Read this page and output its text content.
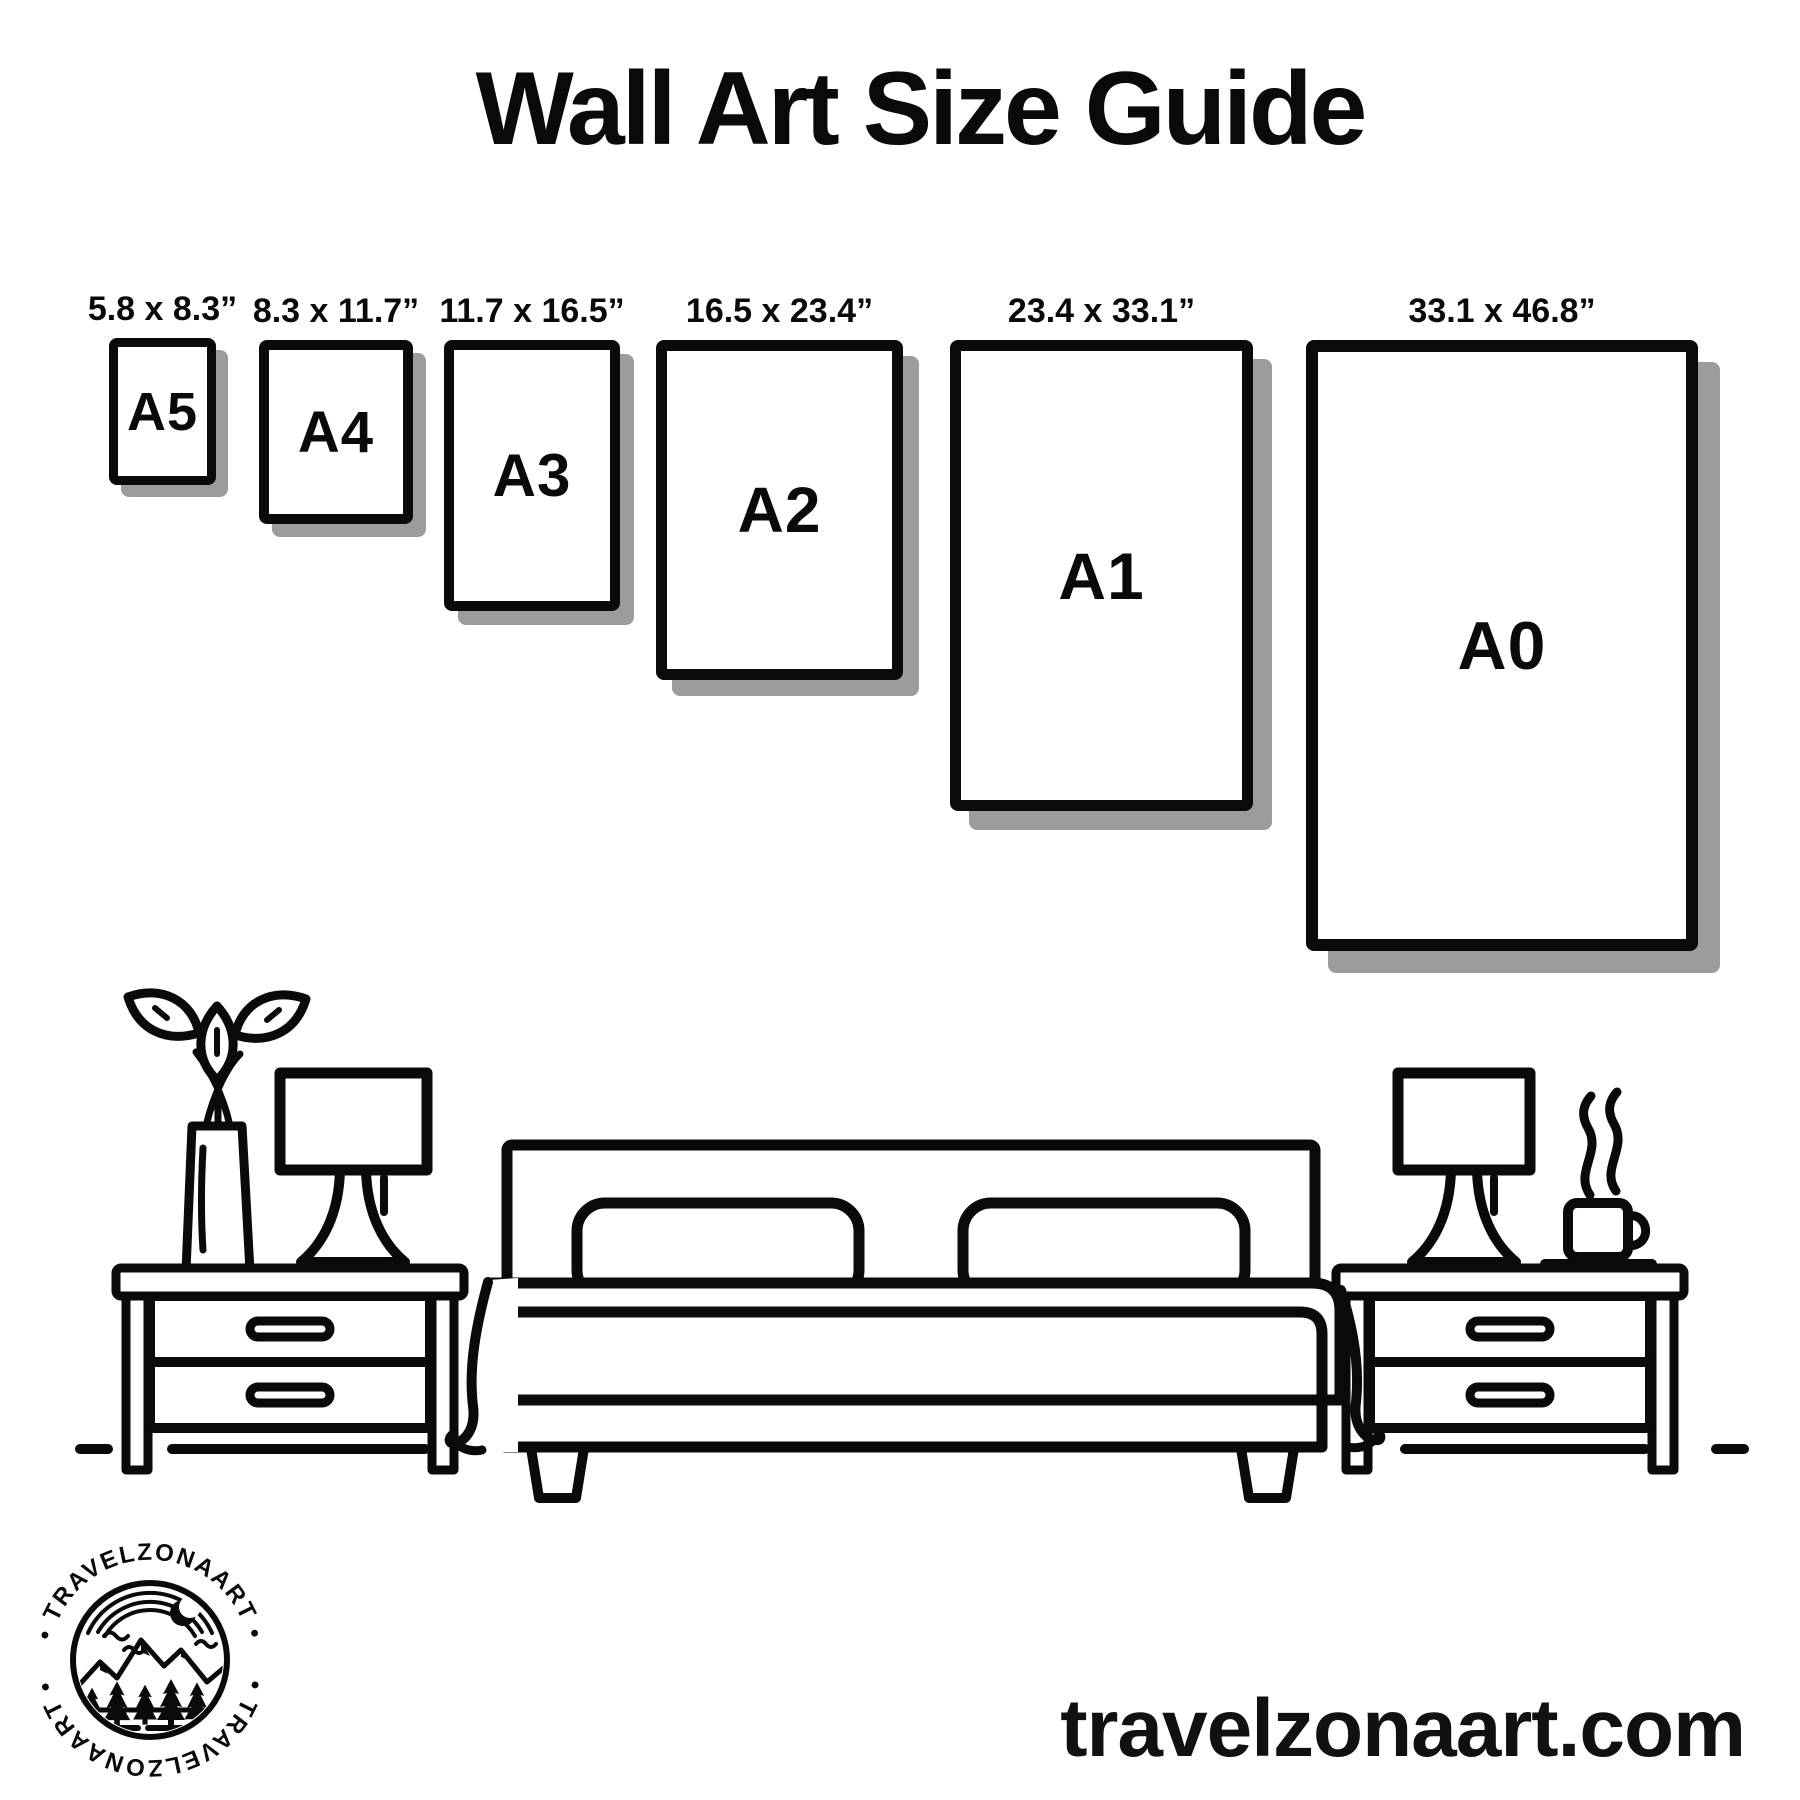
Wall Art Size Guide
5.8 x 8.3”
A5
8.3 x 11.7”
A4
11.7 x 16.5”
A3
16.5 x 23.4”
A2
23.4 x 33.1”
A1
33.1 x 46.8”
A0
• TRAVELZONAART •
• TRAVELZONAART •	travelzonaart.com
